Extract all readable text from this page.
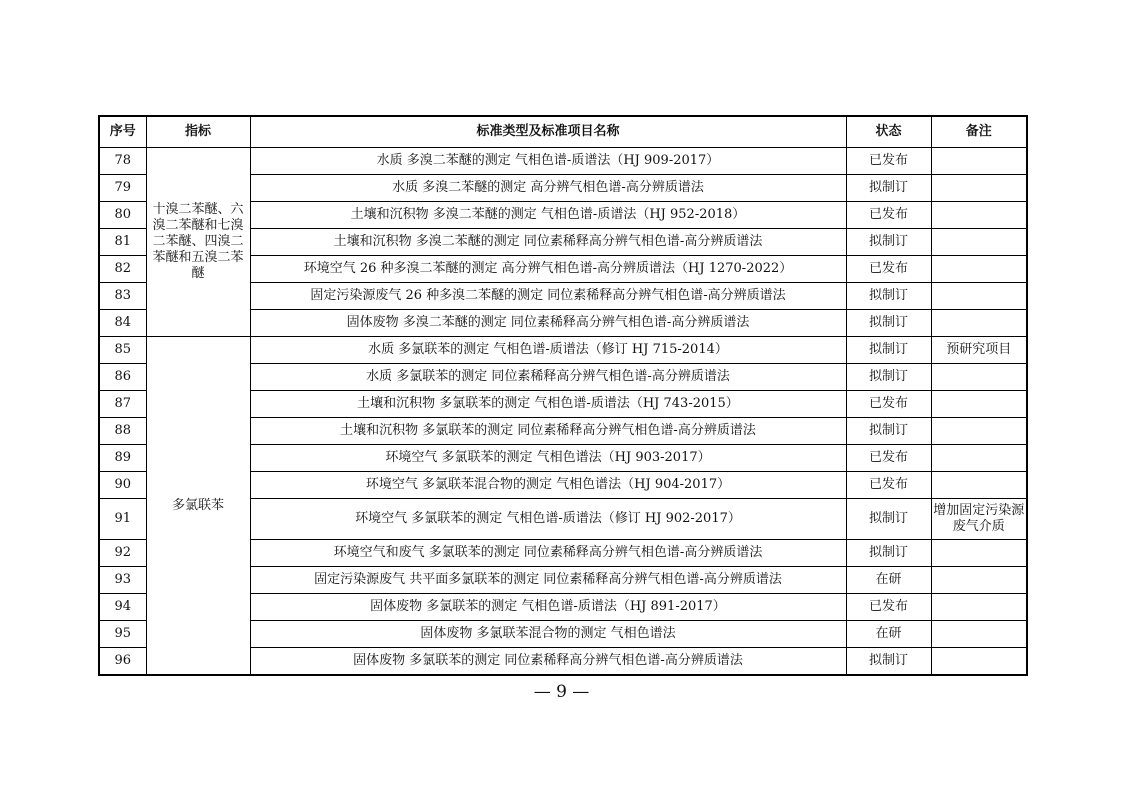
序号	指标	标准类型及标准项目名称	状态	备注
78	十溴二苯醚、六溴二苯醚和七溴二苯醚、四溴二苯醚和五溴二苯醚	水质 多溴二苯醚的测定 气相色谱-质谱法（HJ 909-2017）	已发布	
79		水质 多溴二苯醚的测定 高分辨气相色谱-高分辨质谱法	拟制订	
80		土壤和沉积物 多溴二苯醚的测定 气相色谱-质谱法（HJ 952-2018）	已发布	
81		土壤和沉积物 多溴二苯醚的测定 同位素稀释高分辨气相色谱-高分辨质谱法	拟制订	
82		环境空气 26 种多溴二苯醚的测定 高分辨气相色谱-高分辨质谱法（HJ 1270-2022）	已发布	
83		固定污染源废气 26 种多溴二苯醚的测定 同位素稀释高分辨气相色谱-高分辨质谱法	拟制订	
84		固体废物 多溴二苯醚的测定 同位素稀释高分辨气相色谱-高分辨质谱法	拟制订	
85	多氯联苯	水质 多氯联苯的测定 气相色谱-质谱法（修订 HJ 715-2014）	拟制订	预研究项目
86		水质 多氯联苯的测定 同位素稀释高分辨气相色谱-高分辨质谱法	拟制订	
87		土壤和沉积物 多氯联苯的测定 气相色谱-质谱法（HJ 743-2015）	已发布	
88		土壤和沉积物 多氯联苯的测定 同位素稀释高分辨气相色谱-高分辨质谱法	拟制订	
89		环境空气 多氯联苯的测定 气相色谱法（HJ 903-2017）	已发布	
90		环境空气 多氯联苯混合物的测定 气相色谱法（HJ 904-2017）	已发布	
91		环境空气 多氯联苯的测定 气相色谱-质谱法（修订 HJ 902-2017）	拟制订	增加固定污染源废气介质
92		环境空气和废气 多氯联苯的测定 同位素稀释高分辨气相色谱-高分辨质谱法	拟制订	
93		固定污染源废气 共平面多氯联苯的测定 同位素稀释高分辨气相色谱-高分辨质谱法	在研	
94		固体废物 多氯联苯的测定 气相色谱-质谱法（HJ 891-2017）	已发布	
95		固体废物 多氯联苯混合物的测定 气相色谱法	在研	
96		固体废物 多氯联苯的测定 同位素稀释高分辨气相色谱-高分辨质谱法	拟制订	
— 9 —
